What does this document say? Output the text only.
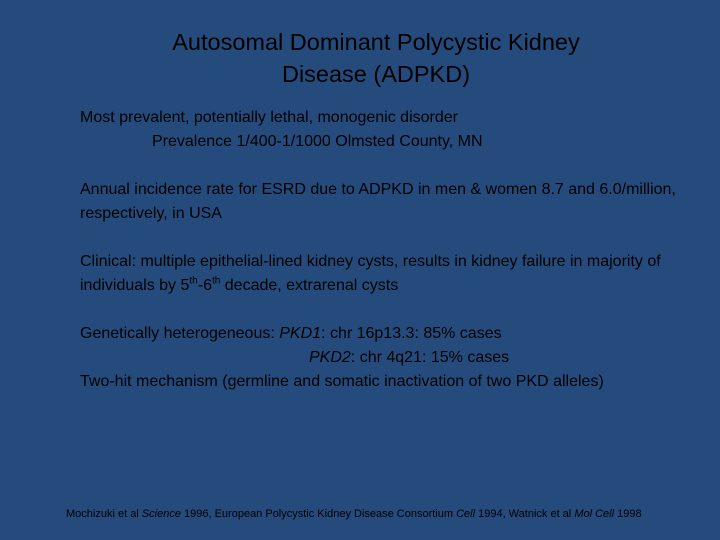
Autosomal Dominant Polycystic Kidney
Disease (ADPKD)

Most prevalent, potentially lethal, monogenic disorder

Prevalence 1/400-1/1000 Olmsted County, MN

Annual incidence rate for ESRD due to ADPKD in men & women 8.7 and 6.0/million, respectively, in USA

Clinical: multiple epithelial-lined kidney cysts, results in kidney failure in majority of individuals by 5th-6th decade, extrarenal cysts

Genetically heterogeneous: PKD1: chr 16p13.3: 85% cases

PKD2: chr 4q21: 15% cases

Two-hit mechanism (germline and somatic inactivation of two PKD alleles)

Mochizuki et al Science 1996, European Polycystic Kidney Disease Consortium Cell 1994, Watnick et al Mol Cell 1998
